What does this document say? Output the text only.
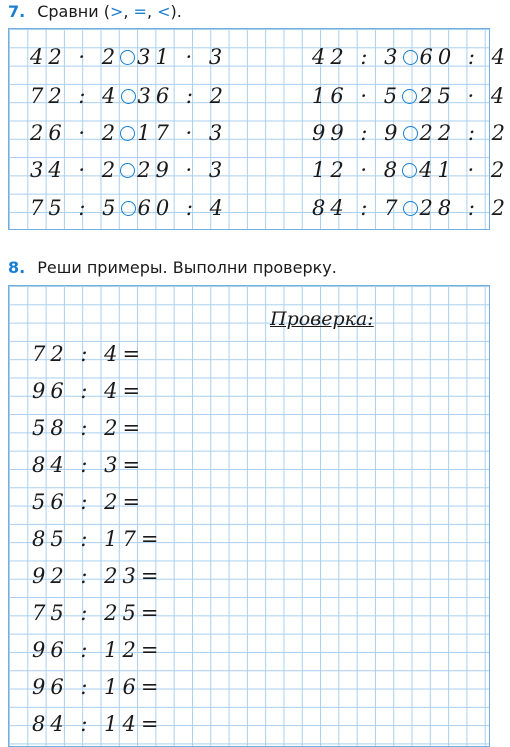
7. Сравни (>, =, <).
42 · 2 31 · 3
72 : 4 36 : 2
26 · 2 17 · 3
34 · 2 29 · 3
75 : 5 60 : 4
42 : 3 60 : 4
16 · 5 25 · 4
99 : 9 22 : 2
12 · 8 41 · 2
84 : 7 28 : 2
8. Реши примеры. Выполни проверку.
Проверка:
72 : 4=
96 : 4=
58 : 2=
84 : 3=
56 : 2=
85 : 17=
92 : 23=
75 : 25=
96 : 12=
96 : 16=
84 : 14=
